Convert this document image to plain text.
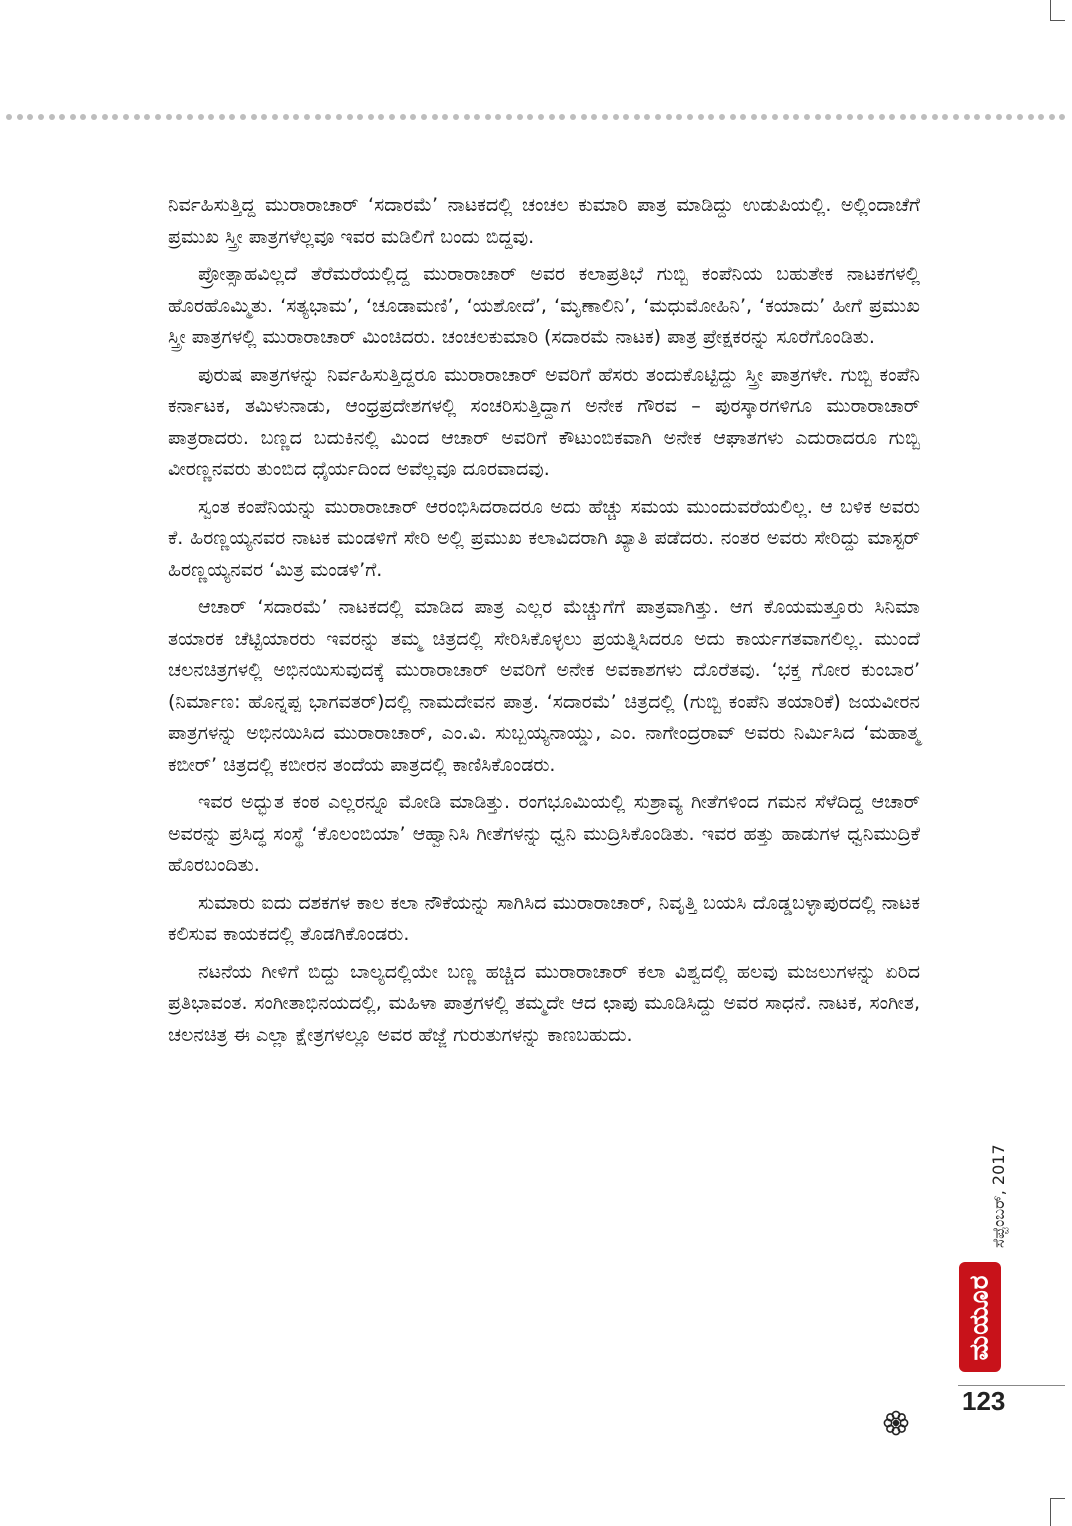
ನಿರ್ವಹಿಸುತ್ತಿದ್ದ ಮುರಾರಾಚಾರ್ ‘ಸದಾರಮೆ’ ನಾಟಕದಲ್ಲಿ ಚಂಚಲ ಕುಮಾರಿ ಪಾತ್ರ ಮಾಡಿದ್ದು ಉಡುಪಿಯಲ್ಲಿ. ಅಲ್ಲಿಂದಾಚೆಗೆ ಪ್ರಮುಖ ಸ್ತ್ರೀ ಪಾತ್ರಗಳೆಲ್ಲವೂ ಇವರ ಮಡಿಲಿಗೆ ಬಂದು ಬಿದ್ದವು.

ಪ್ರೋತ್ಸಾಹವಿಲ್ಲದೆ ತೆರೆಮರೆಯಲ್ಲಿದ್ದ ಮುರಾರಾಚಾರ್ ಅವರ ಕಲಾಪ್ರತಿಭೆ ಗುಬ್ಬಿ ಕಂಪೆನಿಯ ಬಹುತೇಕ ನಾಟಕಗಳಲ್ಲಿ ಹೊರಹೊಮ್ಮಿತು. ‘ಸತ್ಯಭಾಮ’, ‘ಚೂಡಾಮಣಿ’, ‘ಯಶೋದೆ’, ‘ಮೃಣಾಲಿನಿ’, ‘ಮಧುಮೋಹಿನಿ’, ‘ಕಯಾದು’ ಹೀಗೆ ಪ್ರಮುಖ ಸ್ತ್ರೀ ಪಾತ್ರಗಳಲ್ಲಿ ಮುರಾರಾಚಾರ್ ಮಿಂಚಿದರು. ಚಂಚಲಕುಮಾರಿ (ಸದಾರಮೆ ನಾಟಕ) ಪಾತ್ರ ಪ್ರೇಕ್ಷಕರನ್ನು ಸೂರೆಗೊಂಡಿತು.

ಪುರುಷ ಪಾತ್ರಗಳನ್ನು ನಿರ್ವಹಿಸುತ್ತಿದ್ದರೂ ಮುರಾರಾಚಾರ್ ಅವರಿಗೆ ಹೆಸರು ತಂದುಕೊಟ್ಟಿದ್ದು ಸ್ತ್ರೀ ಪಾತ್ರಗಳೇ. ಗುಬ್ಬಿ ಕಂಪೆನಿ ಕರ್ನಾಟಕ, ತಮಿಳುನಾಡು, ಆಂಧ್ರಪ್ರದೇಶಗಳಲ್ಲಿ ಸಂಚರಿಸುತ್ತಿದ್ದಾಗ ಅನೇಕ ಗೌರವ – ಪುರಸ್ಕಾರಗಳಿಗೂ ಮುರಾರಾಚಾರ್ ಪಾತ್ರರಾದರು. ಬಣ್ಣದ ಬದುಕಿನಲ್ಲಿ ಮಿಂದ ಆಚಾರ್ ಅವರಿಗೆ ಕೌಟುಂಬಿಕವಾಗಿ ಅನೇಕ ಆಘಾತಗಳು ಎದುರಾದರೂ ಗುಬ್ಬಿ ವೀರಣ್ಣನವರು ತುಂಬಿದ ಧೈರ್ಯದಿಂದ ಅವೆಲ್ಲವೂ ದೂರವಾದವು.

ಸ್ವಂತ ಕಂಪೆನಿಯನ್ನು ಮುರಾರಾಚಾರ್ ಆರಂಭಿಸಿದರಾದರೂ ಅದು ಹೆಚ್ಚು ಸಮಯ ಮುಂದುವರೆಯಲಿಲ್ಲ. ಆ ಬಳಿಕ ಅವರು ಕೆ. ಹಿರಣ್ಣಯ್ಯನವರ ನಾಟಕ ಮಂಡಳಿಗೆ ಸೇರಿ ಅಲ್ಲಿ ಪ್ರಮುಖ ಕಲಾವಿದರಾಗಿ ಖ್ಯಾತಿ ಪಡೆದರು. ನಂತರ ಅವರು ಸೇರಿದ್ದು ಮಾಸ್ಟರ್ ಹಿರಣ್ಣಯ್ಯನವರ ‘ಮಿತ್ರ ಮಂಡಳಿ’ಗೆ.

ಆಚಾರ್ ‘ಸದಾರಮೆ’ ನಾಟಕದಲ್ಲಿ ಮಾಡಿದ ಪಾತ್ರ ಎಲ್ಲರ ಮೆಚ್ಚುಗೆಗೆ ಪಾತ್ರವಾಗಿತ್ತು. ಆಗ ಕೊಯಮತ್ತೂರು ಸಿನಿಮಾ ತಯಾರಕ ಚೆಟ್ಟಿಯಾರರು ಇವರನ್ನು ತಮ್ಮ ಚಿತ್ರದಲ್ಲಿ ಸೇರಿಸಿಕೊಳ್ಳಲು ಪ್ರಯತ್ನಿಸಿದರೂ ಅದು ಕಾರ್ಯಗತವಾಗಲಿಲ್ಲ. ಮುಂದೆ ಚಲನಚಿತ್ರಗಳಲ್ಲಿ ಅಭಿನಯಿಸುವುದಕ್ಕೆ ಮುರಾರಾಚಾರ್ ಅವರಿಗೆ ಅನೇಕ ಅವಕಾಶಗಳು ದೊರೆತವು. ‘ಭಕ್ತ ಗೋರ ಕುಂಬಾರ’ (ನಿರ್ಮಾಣ: ಹೊನ್ನಪ್ಪ ಭಾಗವತರ್)ದಲ್ಲಿ ನಾಮದೇವನ ಪಾತ್ರ. ‘ಸದಾರಮೆ’ ಚಿತ್ರದಲ್ಲಿ (ಗುಬ್ಬಿ ಕಂಪೆನಿ ತಯಾರಿಕೆ) ಜಯವೀರನ ಪಾತ್ರಗಳನ್ನು ಅಭಿನಯಿಸಿದ ಮುರಾರಾಚಾರ್, ಎಂ.ವಿ. ಸುಬ್ಬಯ್ಯನಾಯ್ಡು, ಎಂ. ನಾಗೇಂದ್ರರಾವ್ ಅವರು ನಿರ್ಮಿಸಿದ ‘ಮಹಾತ್ಮ ಕಬೀರ್’ ಚಿತ್ರದಲ್ಲಿ ಕಬೀರನ ತಂದೆಯ ಪಾತ್ರದಲ್ಲಿ ಕಾಣಿಸಿಕೊಂಡರು.

ಇವರ ಅದ್ಭುತ ಕಂಠ ಎಲ್ಲರನ್ನೂ ಮೋಡಿ ಮಾಡಿತ್ತು. ರಂಗಭೂಮಿಯಲ್ಲಿ ಸುಶ್ರಾವ್ಯ ಗೀತೆಗಳಿಂದ ಗಮನ ಸೆಳೆದಿದ್ದ ಆಚಾರ್ ಅವರನ್ನು ಪ್ರಸಿದ್ಧ ಸಂಸ್ಥೆ ‘ಕೊಲಂಬಿಯಾ’ ಆಹ್ವಾನಿಸಿ ಗೀತೆಗಳನ್ನು ಧ್ವನಿ ಮುದ್ರಿಸಿಕೊಂಡಿತು. ಇವರ ಹತ್ತು ಹಾಡುಗಳ ಧ್ವನಿಮುದ್ರಿಕೆ ಹೊರಬಂದಿತು.

ಸುಮಾರು ಐದು ದಶಕಗಳ ಕಾಲ ಕಲಾ ನೌಕೆಯನ್ನು ಸಾಗಿಸಿದ ಮುರಾರಾಚಾರ್, ನಿವೃತ್ತಿ ಬಯಸಿ ದೊಡ್ಡಬಳ್ಳಾಪುರದಲ್ಲಿ ನಾಟಕ ಕಲಿಸುವ ಕಾಯಕದಲ್ಲಿ ತೊಡಗಿಕೊಂಡರು.

ನಟನೆಯ ಗೀಳಿಗೆ ಬಿದ್ದು ಬಾಲ್ಯದಲ್ಲಿಯೇ ಬಣ್ಣ ಹಚ್ಚಿದ ಮುರಾರಾಚಾರ್ ಕಲಾ ವಿಶ್ವದಲ್ಲಿ ಹಲವು ಮಜಲುಗಳನ್ನು ಏರಿದ ಪ್ರತಿಭಾವಂತ. ಸಂಗೀತಾಭಿನಯದಲ್ಲಿ, ಮಹಿಳಾ ಪಾತ್ರಗಳಲ್ಲಿ ತಮ್ಮದೇ ಆದ ಛಾಪು ಮೂಡಿಸಿದ್ದು ಅವರ ಸಾಧನೆ. ನಾಟಕ, ಸಂಗೀತ, ಚಲನಚಿತ್ರ ಈ ಎಲ್ಲಾ ಕ್ಷೇತ್ರಗಳಲ್ಲೂ ಅವರ ಹೆಜ್ಜೆ ಗುರುತುಗಳನ್ನು ಕಾಣಬಹುದು.

ಸೆಪ್ಟೆಂಬರ್, 2017
ಮಯೂರ
123
